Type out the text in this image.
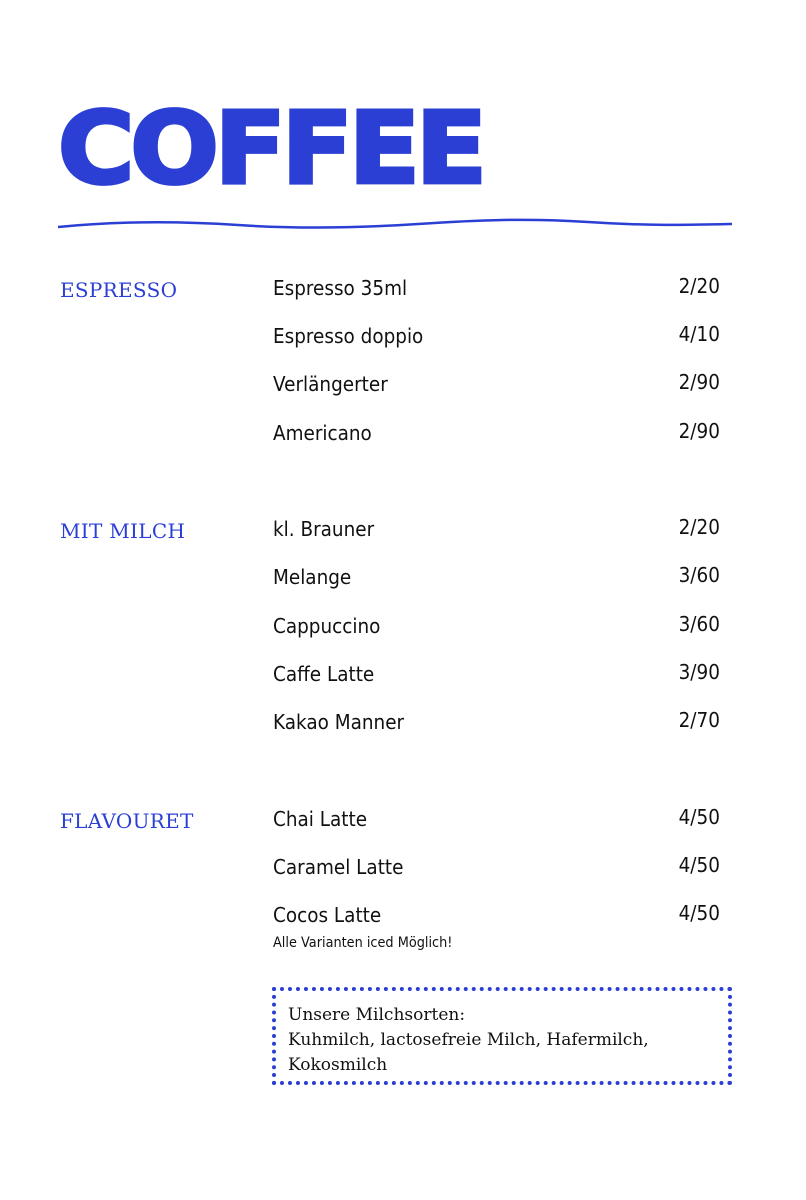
COFFEE
ESPRESSO	Espresso 35ml	2/20
Espresso doppio	4/10
Verlängerter	2/90
Americano	2/90
MIT MILCH	kl. Brauner	2/20
Melange	3/60
Cappuccino	3/60
Caffe Latte	3/90
Kakao Manner	2/70
FLAVOURET	Chai Latte	4/50
Caramel Latte	4/50
Cocos Latte	4/50
Alle Varianten iced Möglich!
Unsere Milchsorten:
Kuhmilch, lactosefreie Milch, Hafermilch, Kokosmilch
